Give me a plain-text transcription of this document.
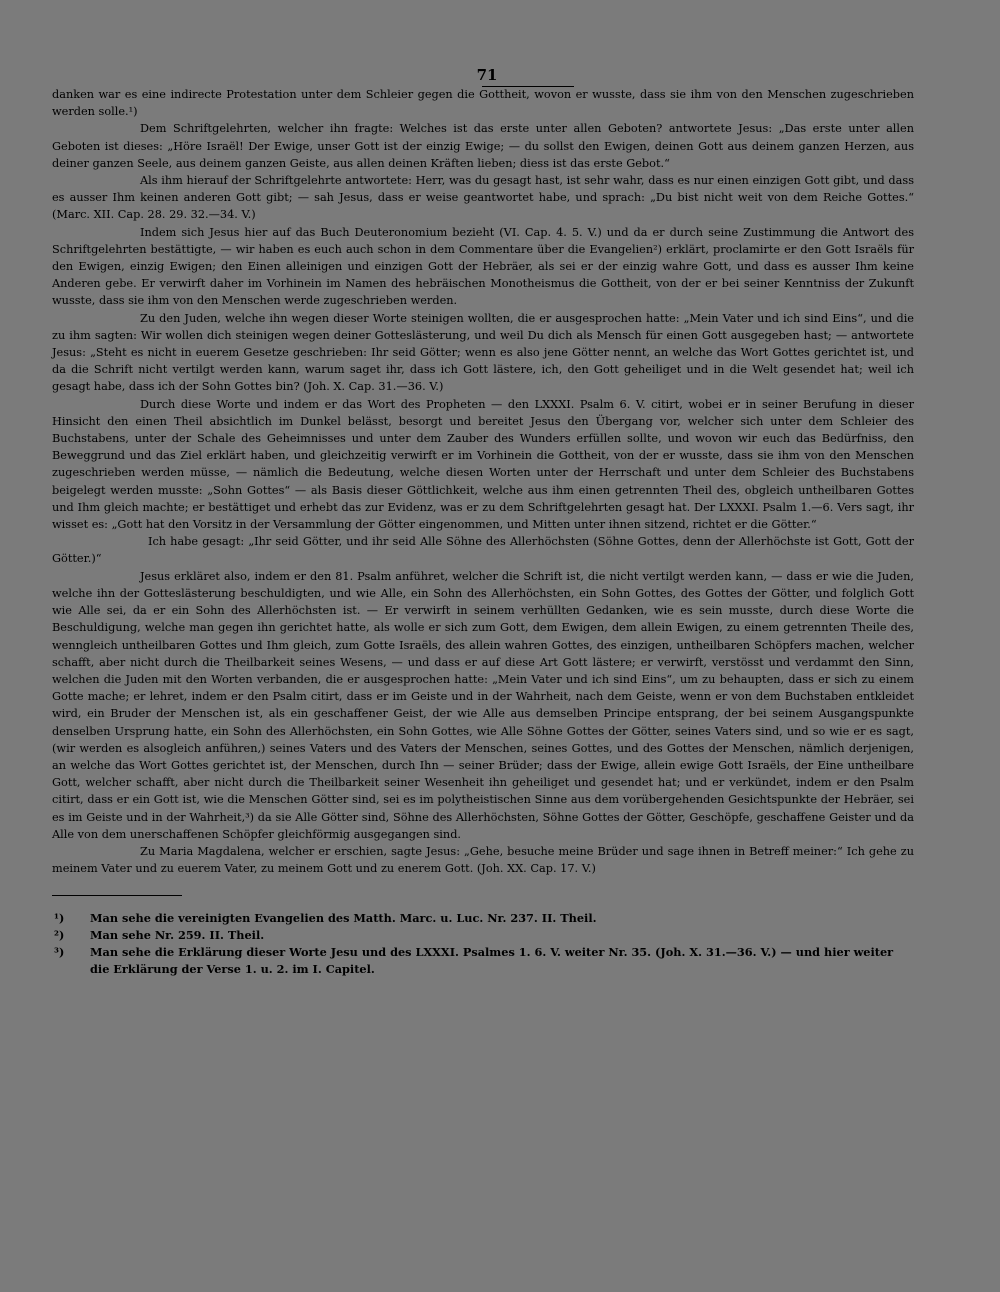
71

danken war es eine indirecte Protestation unter dem Schleier gegen die Gottheit, wovon er wusste, dass sie ihm von den Menschen zugeschrieben werden solle.¹)

Dem Schriftgelehrten, welcher ihn fragte: Welches ist das erste unter allen Geboten? antwortete Jesus: „Das erste unter allen Geboten ist dieses: „Höre Israël! Der Ewige, unser Gott ist der einzig Ewige; — du sollst den Ewigen, deinen Gott aus deinem ganzen Herzen, aus deiner ganzen Seele, aus deinem ganzen Geiste, aus allen deinen Kräften lieben; diess ist das erste Gebot.“

Als ihm hierauf der Schriftgelehrte antwortete: Herr, was du gesagt hast, ist sehr wahr, dass es nur einen einzigen Gott gibt, und dass es ausser Ihm keinen anderen Gott gibt; — sah Jesus, dass er weise geantwortet habe, und sprach: „Du bist nicht weit von dem Reiche Gottes.“ (Marc. XII. Cap. 28. 29. 32.—34. V.)

Indem sich Jesus hier auf das Buch Deuteronomium bezieht (VI. Cap. 4. 5. V.) und da er durch seine Zustimmung die Antwort des Schriftgelehrten bestättigte, — wir haben es euch auch schon in dem Commentare über die Evangelien²) erklärt, proclamirte er den Gott Israëls für den Ewigen, einzig Ewigen; den Einen alleinigen und einzigen Gott der Hebräer, als sei er der einzig wahre Gott, und dass es ausser Ihm keine Anderen gebe. Er verwirft daher im Vorhinein im Namen des hebräischen Monotheismus die Gottheit, von der er bei seiner Kenntniss der Zukunft wusste, dass sie ihm von den Menschen werde zugeschrieben werden.

Zu den Juden, welche ihn wegen dieser Worte steinigen wollten, die er ausgesprochen hatte: „Mein Vater und ich sind Eins“, und die zu ihm sagten: Wir wollen dich steinigen wegen deiner Gotteslästerung, und weil Du dich als Mensch für einen Gott ausgegeben hast; — antwortete Jesus: „Steht es nicht in euerem Gesetze geschrieben: Ihr seid Götter; wenn es also jene Götter nennt, an welche das Wort Gottes gerichtet ist, und da die Schrift nicht vertilgt werden kann, warum saget ihr, dass ich Gott lästere, ich, den Gott geheiliget und in die Welt gesendet hat; weil ich gesagt habe, dass ich der Sohn Gottes bin? (Joh. X. Cap. 31.—36. V.)

Durch diese Worte und indem er das Wort des Propheten — den LXXXI. Psalm 6. V. citirt, wobei er in seiner Berufung in dieser Hinsicht den einen Theil absichtlich im Dunkel belässt, besorgt und bereitet Jesus den Übergang vor, welcher sich unter dem Schleier des Buchstabens, unter der Schale des Geheimnisses und unter dem Zauber des Wunders erfüllen sollte, und wovon wir euch das Bedürfniss, den Beweggrund und das Ziel erklärt haben, und gleichzeitig verwirft er im Vorhinein die Gottheit, von der er wusste, dass sie ihm von den Menschen zugeschrieben werden müsse, — nämlich die Bedeutung, welche diesen Worten unter der Herrschaft und unter dem Schleier des Buchstabens beigelegt werden musste: „Sohn Gottes“ — als Basis dieser Göttlichkeit, welche aus ihm einen getrennten Theil des, obgleich untheilbaren Gottes und Ihm gleich machte; er bestättiget und erhebt das zur Evidenz, was er zu dem Schriftgelehrten gesagt hat. Der LXXXI. Psalm 1.—6. Vers sagt, ihr wisset es: „Gott hat den Vorsitz in der Versammlung der Götter eingenommen, und Mitten unter ihnen sitzend, richtet er die Götter.“

Ich habe gesagt: „Ihr seid Götter, und ihr seid Alle Söhne des Allerhöchsten (Söhne Gottes, denn der Allerhöchste ist Gott, Gott der Götter.)“

Jesus erkläret also, indem er den 81. Psalm anführet, welcher die Schrift ist, die nicht vertilgt werden kann, — dass er wie die Juden, welche ihn der Gotteslästerung beschuldigten, und wie Alle, ein Sohn des Allerhöchsten, ein Sohn Gottes, des Gottes der Götter, und folglich Gott wie Alle sei, da er ein Sohn des Allerhöchsten ist. — Er verwirft in seinem verhüllten Gedanken, wie es sein musste, durch diese Worte die Beschuldigung, welche man gegen ihn gerichtet hatte, als wolle er sich zum Gott, dem Ewigen, dem allein Ewigen, zu einem getrennten Theile des, wenngleich untheilbaren Gottes und Ihm gleich, zum Gotte Israëls, des allein wahren Gottes, des einzigen, untheilbaren Schöpfers machen, welcher schafft, aber nicht durch die Theilbarkeit seines Wesens, — und dass er auf diese Art Gott lästere; er verwirft, verstösst und verdammt den Sinn, welchen die Juden mit den Worten verbanden, die er ausgesprochen hatte: „Mein Vater und ich sind Eins“, um zu behaupten, dass er sich zu einem Gotte mache; er lehret, indem er den Psalm citirt, dass er im Geiste und in der Wahrheit, nach dem Geiste, wenn er von dem Buchstaben entkleidet wird, ein Bruder der Menschen ist, als ein geschaffener Geist, der wie Alle aus demselben Principe entsprang, der bei seinem Ausgangspunkte denselben Ursprung hatte, ein Sohn des Allerhöchsten, ein Sohn Gottes, wie Alle Söhne Gottes der Götter, seines Vaters sind, und so wie er es sagt, (wir werden es alsogleich anführen,) seines Vaters und des Vaters der Menschen, seines Gottes, und des Gottes der Menschen, nämlich derjenigen, an welche das Wort Gottes gerichtet ist, der Menschen, durch Ihn — seiner Brüder; dass der Ewige, allein ewige Gott Israëls, der Eine untheilbare Gott, welcher schafft, aber nicht durch die Theilbarkeit seiner Wesenheit ihn geheiliget und gesendet hat; und er verkündet, indem er den Psalm citirt, dass er ein Gott ist, wie die Menschen Götter sind, sei es im polytheistischen Sinne aus dem vorübergehenden Gesichtspunkte der Hebräer, sei es im Geiste und in der Wahrheit,³) da sie Alle Götter sind, Söhne des Allerhöchsten, Söhne Gottes der Götter, Geschöpfe, geschaffene Geister und da Alle von dem unerschaffenen Schöpfer gleichförmig ausgegangen sind.

Zu Maria Magdalena, welcher er erschien, sagte Jesus: „Gehe, besuche meine Brüder und sage ihnen in Betreff meiner:“ Ich gehe zu meinem Vater und zu euerem Vater, zu meinem Gott und zu enerem Gott. (Joh. XX. Cap. 17. V.)

¹)	Man sehe die vereinigten Evangelien des Matth. Marc. u. Luc. Nr. 237. II. Theil.
²)	Man sehe Nr. 259. II. Theil.
³)	Man sehe die Erklärung dieser Worte Jesu und des LXXXI. Psalmes 1. 6. V. weiter Nr. 35. (Joh. X. 31.—36. V.) — und hier weiter die Erklärung der Verse 1. u. 2. im I. Capitel.
